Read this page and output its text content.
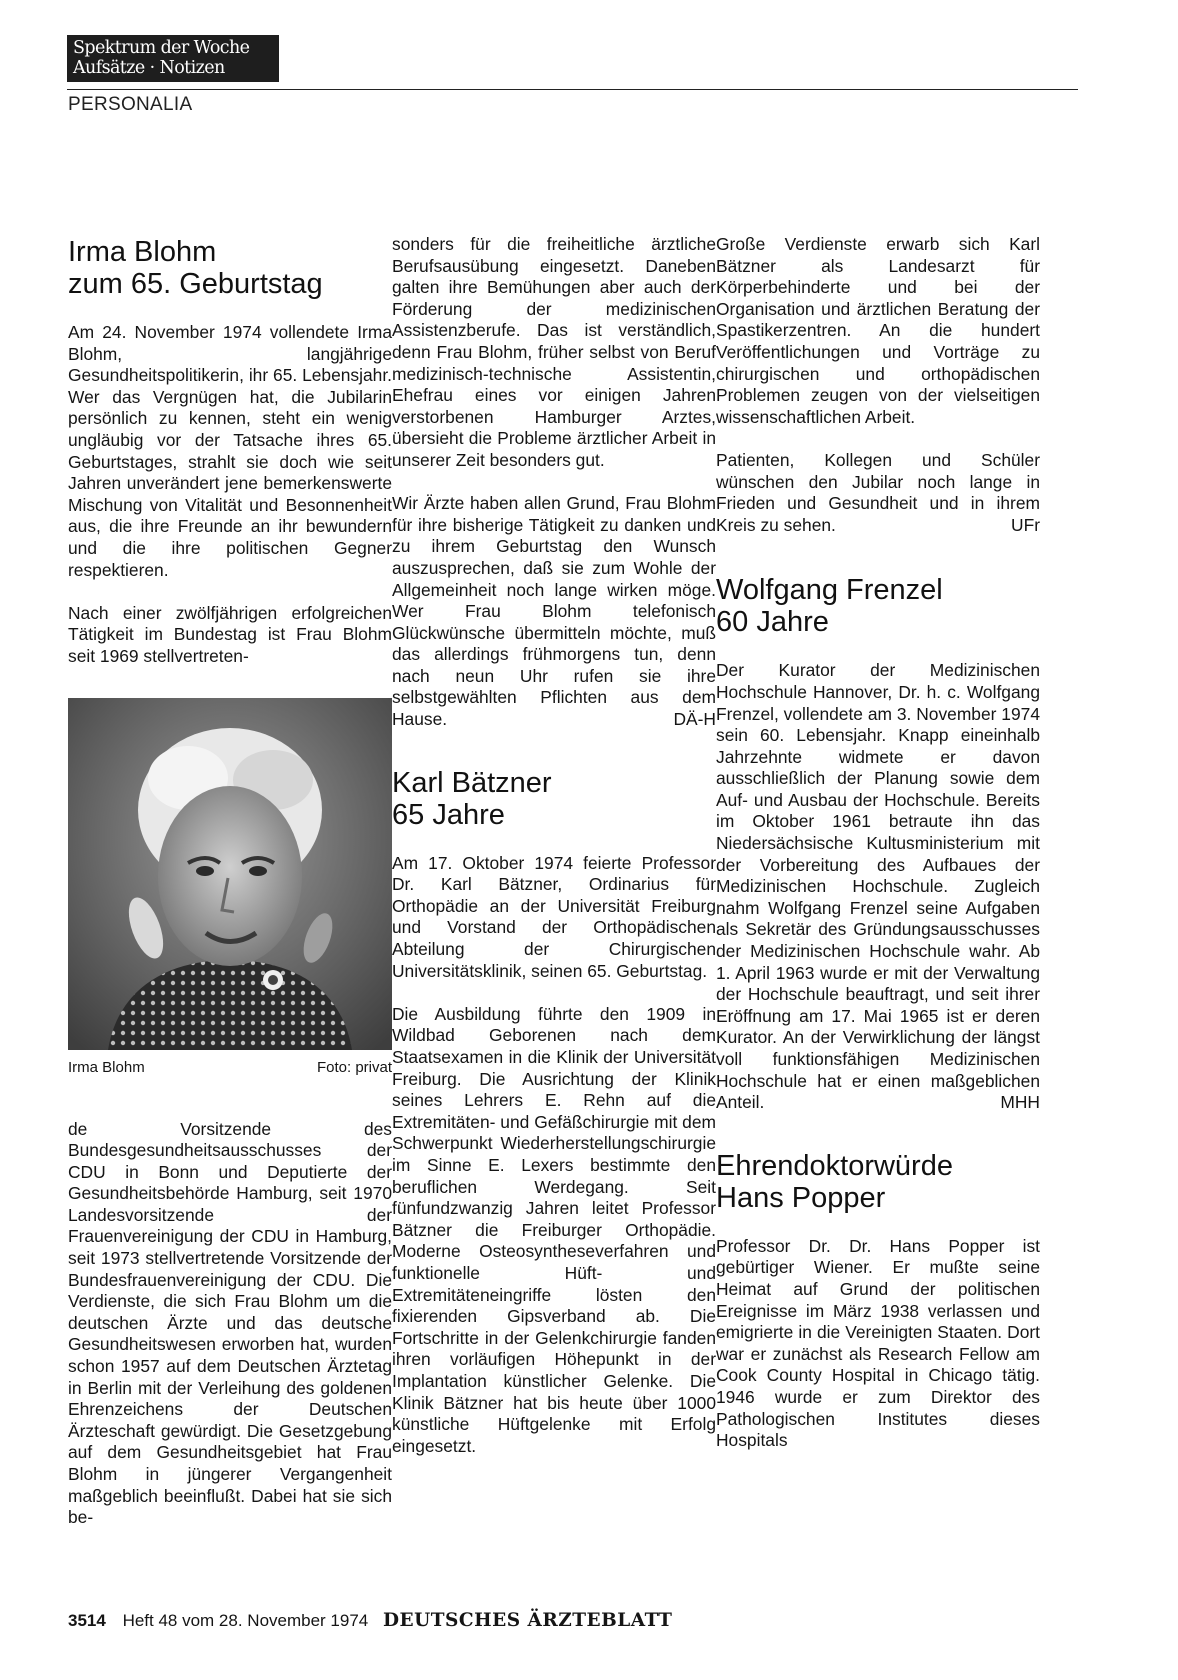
Spektrum der Woche
Aufsätze · Notizen
PERSONALIA
Irma Blohm
zum 65. Geburtstag

Am 24. November 1974 vollendete Irma Blohm, langjährige Gesundheitspolitikerin, ihr 65. Lebensjahr. Wer das Vergnügen hat, die Jubilarin persönlich zu kennen, steht ein wenig ungläubig vor der Tatsache ihres 65. Geburtstages, strahlt sie doch wie seit Jahren unverändert jene bemerkenswerte Mischung von Vitalität und Besonnenheit aus, die ihre Freunde an ihr bewundern und die ihre politischen Gegner respektieren.

Nach einer zwölfjährigen erfolgreichen Tätigkeit im Bundestag ist Frau Blohm seit 1969 stellvertreten-

Irma Blohm	Foto: privat

de Vorsitzende des Bundesgesundheitsausschusses der CDU in Bonn und Deputierte der Gesundheitsbehörde Hamburg, seit 1970 Landesvorsitzende der Frauenvereinigung der CDU in Hamburg, seit 1973 stellvertretende Vorsitzende der Bundesfrauenvereinigung der CDU. Die Verdienste, die sich Frau Blohm um die deutschen Ärzte und das deutsche Gesundheitswesen erworben hat, wurden schon 1957 auf dem Deutschen Ärztetag in Berlin mit der Verleihung des goldenen Ehrenzeichens der Deutschen Ärzteschaft gewürdigt. Die Gesetzgebung auf dem Gesundheitsgebiet hat Frau Blohm in jüngerer Vergangenheit maßgeblich beeinflußt. Dabei hat sie sich be-

sonders für die freiheitliche ärztliche Berufsausübung eingesetzt. Daneben galten ihre Bemühungen aber auch der Förderung der medizinischen Assistenzberufe. Das ist verständlich, denn Frau Blohm, früher selbst von Beruf medizinisch-technische Assistentin, Ehefrau eines vor einigen Jahren verstorbenen Hamburger Arztes, übersieht die Probleme ärztlicher Arbeit in unserer Zeit besonders gut.

Wir Ärzte haben allen Grund, Frau Blohm für ihre bisherige Tätigkeit zu danken und zu ihrem Geburtstag den Wunsch auszusprechen, daß sie zum Wohle der Allgemeinheit noch lange wirken möge. Wer Frau Blohm telefonisch Glückwünsche übermitteln möchte, muß das allerdings frühmorgens tun, denn nach neun Uhr rufen sie ihre selbstgewählten Pflichten aus dem Hause.	DÄ-H

Karl Bätzner
65 Jahre

Am 17. Oktober 1974 feierte Professor Dr. Karl Bätzner, Ordinarius für Orthopädie an der Universität Freiburg und Vorstand der Orthopädischen Abteilung der Chirurgischen Universitätsklinik, seinen 65. Geburtstag.

Die Ausbildung führte den 1909 in Wildbad Geborenen nach dem Staatsexamen in die Klinik der Universität Freiburg. Die Ausrichtung der Klinik seines Lehrers E. Rehn auf die Extremitäten- und Gefäßchirurgie mit dem Schwerpunkt Wiederherstellungschirurgie im Sinne E. Lexers bestimmte den beruflichen Werdegang. Seit fünfundzwanzig Jahren leitet Professor Bätzner die Freiburger Orthopädie. Moderne Osteosyntheseverfahren und funktionelle Hüft- und Extremitäteneingriffe lösten den fixierenden Gipsverband ab. Die Fortschritte in der Gelenkchirurgie fanden ihren vorläufigen Höhepunkt in der Implantation künstlicher Gelenke. Die Klinik Bätzner hat bis heute über 1000 künstliche Hüftgelenke mit Erfolg eingesetzt.

Große Verdienste erwarb sich Karl Bätzner als Landesarzt für Körperbehinderte und bei der Organisation und ärztlichen Beratung der Spastikerzentren. An die hundert Veröffentlichungen und Vorträge zu chirurgischen und orthopädischen Problemen zeugen von der vielseitigen wissenschaftlichen Arbeit.

Patienten, Kollegen und Schüler wünschen den Jubilar noch lange in Frieden und Gesundheit und in ihrem Kreis zu sehen.	UFr

Wolfgang Frenzel
60 Jahre

Der Kurator der Medizinischen Hochschule Hannover, Dr. h. c. Wolfgang Frenzel, vollendete am 3. November 1974 sein 60. Lebensjahr. Knapp eineinhalb Jahrzehnte widmete er davon ausschließlich der Planung sowie dem Auf- und Ausbau der Hochschule. Bereits im Oktober 1961 betraute ihn das Niedersächsische Kultusministerium mit der Vorbereitung des Aufbaues der Medizinischen Hochschule. Zugleich nahm Wolfgang Frenzel seine Aufgaben als Sekretär des Gründungsausschusses der Medizinischen Hochschule wahr. Ab 1. April 1963 wurde er mit der Verwaltung der Hochschule beauftragt, und seit ihrer Eröffnung am 17. Mai 1965 ist er deren Kurator. An der Verwirklichung der längst voll funktionsfähigen Medizinischen Hochschule hat er einen maßgeblichen Anteil.	MHH

Ehrendoktorwürde
Hans Popper

Professor Dr. Dr. Hans Popper ist gebürtiger Wiener. Er mußte seine Heimat auf Grund der politischen Ereignisse im März 1938 verlassen und emigrierte in die Vereinigten Staaten. Dort war er zunächst als Research Fellow am Cook County Hospital in Chicago tätig. 1946 wurde er zum Direktor des Pathologischen Institutes dieses Hospitals

3514 Heft 48 vom 28. November 1974 DEUTSCHES ÄRZTEBLATT
